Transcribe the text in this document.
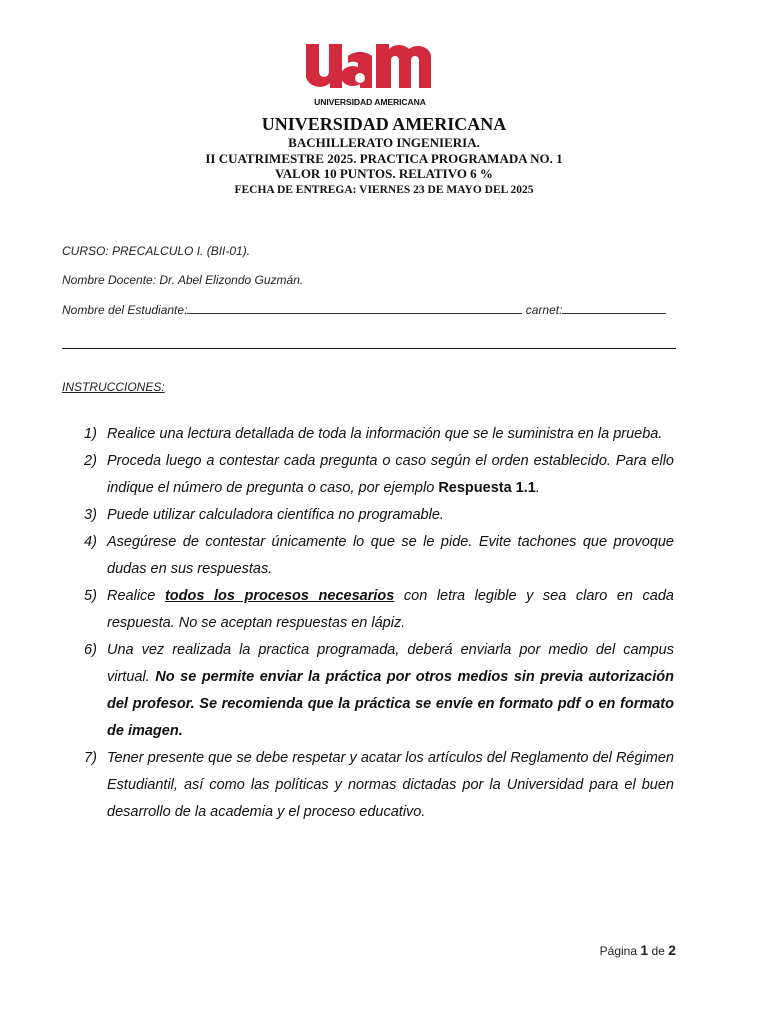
UNIVERSIDAD AMERICANA
UNIVERSIDAD AMERICANA
BACHILLERATO INGENIERIA.
II CUATRIMESTRE 2025. PRACTICA PROGRAMADA NO. 1
VALOR 10 PUNTOS. RELATIVO 6 %
FECHA DE ENTREGA: VIERNES 23 DE MAYO DEL 2025
CURSO: PRECALCULO I. (BII-01).
Nombre Docente: Dr. Abel Elizondo Guzmán.
Nombre del Estudiante:	carnet:
INSTRUCCIONES:
1) Realice una lectura detallada de toda la información que se le suministra en la prueba.
2) Proceda luego a contestar cada pregunta o caso según el orden establecido. Para ello indique el número de pregunta o caso, por ejemplo Respuesta 1.1.
3) Puede utilizar calculadora científica no programable.
4) Asegúrese de contestar únicamente lo que se le pide. Evite tachones que provoque dudas en sus respuestas.
5) Realice todos los procesos necesarios con letra legible y sea claro en cada respuesta. No se aceptan respuestas en lápiz.
6) Una vez realizada la practica programada, deberá enviarla por medio del campus virtual. No se permite enviar la práctica por otros medios sin previa autorización del profesor. Se recomienda que la práctica se envíe en formato pdf o en formato de imagen.
7) Tener presente que se debe respetar y acatar los artículos del Reglamento del Régimen Estudiantil, así como las políticas y normas dictadas por la Universidad para el buen desarrollo de la academia y el proceso educativo.
Página 1 de 2
